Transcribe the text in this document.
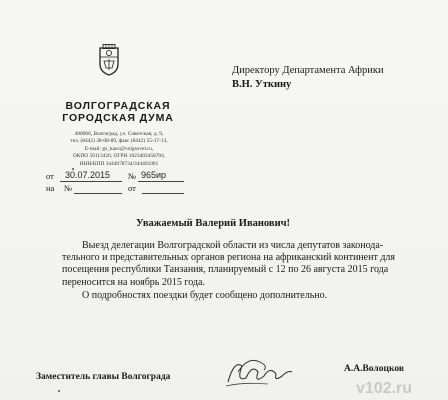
ВОЛГОГРАДСКАЯ
ГОРОДСКАЯ ДУМА
400066, Волгоград, ул. Советская, д. 9,
тел. (8442) 38-08-89, факс (8442) 55-17-13,
E-mail: gs_kanc@volgsovet.ru,
ОКПО 50113420, ОГРН 1023403458704,
ИНН/КПП 3444078734/344401001
от 30.07.2015 № 965ир
на №	от
Директору Департамента Африки
В.Н. Уткину
Уважаемый Валерий Иванович!
Выезд делегации Волгоградской области из числа депутатов законода-
тельного и представительных органов региона на африканский континент для
посещения республики Танзания, планируемый с 12 по 26 августа 2015 года
переносится на ноябрь 2015 года.
О подробностях поездки будет сообщено дополнительно.
Заместитель главы Волгограда
А.А.Волоцков
v102.ru
